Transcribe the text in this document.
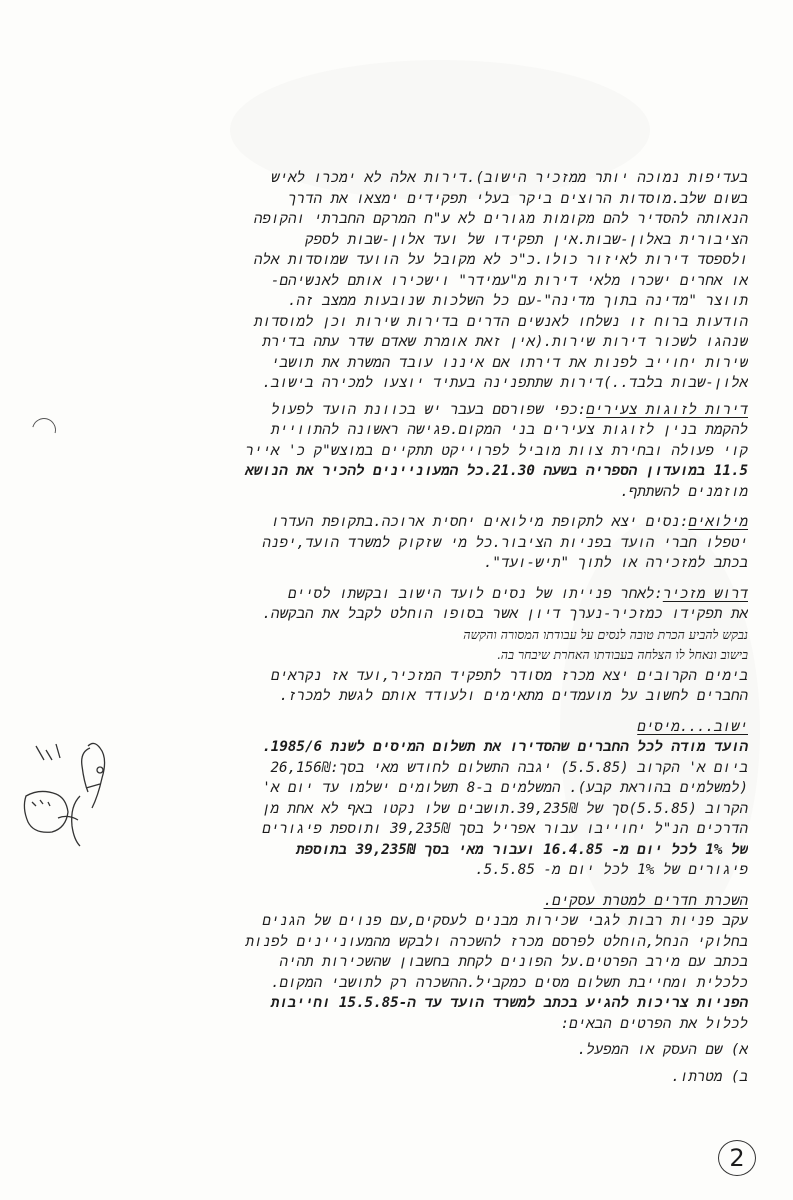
בעדיפות נמוכה יותר ממזכיר הישוב).דירות אלה לא ימכרו לאיש
בשום שלב.מוסדות הרוצים ביקר בעלי תפקידים ימצאו את הדרך
הנאותה להסדיר להם מקומות מגורים לא ע"ח המרקם החברתי והקופה
הציבורית באלון-שבות.אין תפקידו של ועד אלון-שבות לספק
ולספסד דירות לאיזור כולו.כ"כ לא מקובל על הוועד שמוסדות אלה
או אחרים ישכרו מלאי דירות מ"עמידר" וישכירו אותם לאנשיהם-
תווצר "מדינה בתוך מדינה"-עם כל השלכות שנובעות ממצב זה.
הודעות ברוח זו נשלחו לאנשים הדרים בדירות שירות וכן למוסדות
שנהגו לשכור דירות שירות.(אין זאת אומרת שאדם שדר עתה בדירת
שירות יחוייב לפנות את דירתו אם איננו עובד המשרת את תושבי
אלון-שבות בלבד..)דירות שתתפנינה בעתיד יוצעו למכירה בישוב.
דירות לזוגות צעירים:כפי שפורסם בעבר יש בכוונת הועד לפעול
להקמת בנין לזוגות צעירים בני המקום.פגישה ראשונה להתוויית
קוי פעולה ובחירת צוות מוביל לפרוייקט תתקיים במוצש"ק כ' אייר
11.5 במועדון הספריה בשעה 21.30.כל המעוניינים להכיר את הנושא
מוזמנים להשתתף.
מילואים:נסים יצא לתקופת מילואים יחסית ארוכה.בתקופת העדרו
יטפלו חברי הועד בפניות הציבור.כל מי שזקוק למשרד הועד,יפנה
בכתב למזכירה או לתוך "תיש-ועד".
דרוש מזכיר:לאחר פנייתו של נסים לועד הישוב ובקשתו לסיים
את תפקידו כמזכיר-נערך דיון אשר בסופו הוחלט לקבל את הבקשה.
נבקש להביע הכרת טובה לנסים על עבודתו המסורה והקשה
בישוב ונאחל לו הצלחה בעבודתו האחרת שיבחר בה.
בימים הקרובים יצא מכרז מסודר לתפקיד המזכיר,ועד אז נקראים
החברים לחשוב על מועמדים מתאימים ולעודד אותם לגשת למכרז.
ישוב....מיסים
הועד מודה לכל החברים שהסדירו את תשלום המיסים לשנת 1985/6.
ביום א' הקרוב (5.5.85) יגבה התשלום לחודש מאי בסך:26,156₪
(למשלמים בהוראת קבע). המשלמים ב-8 תשלומים ישלמו עד יום א'
הקרוב (5.5.85)סך של 39,235₪.תושבים שלו נקטו באף לא אחת מן
הדרכים הנ"ל יחוייבו עבור אפריל בסך 39,235₪ ותוספת פיגורים
של 1% לכל יום מ- 16.4.85 ועבור מאי בסך 39,235₪ בתוספת
פיגורים של 1% לכל יום מ- 5.5.85.
השכרת חדרים למטרת עסקים.
עקב פניות רבות לגבי שכירות מבנים לעסקים,עם פנוים של הגנים
בחלוקי הנחל,הוחלט לפרסם מכרז להשכרה ולבקש מהמעוניינים לפנות
בכתב עם מירב הפרטים.על הפונים לקחת בחשבון שהשכירות תהיה
כלכלית ומחייבת תשלום מסים כמקביל.ההשכרה רק לתושבי המקום.
הפניות צריכות להגיע בכתב למשרד הועד עד ה-15.5.85 וחייבות
לכלול את הפרטים הבאים:
א) שם העסק או המפעל.
ב) מטרתו.
2
